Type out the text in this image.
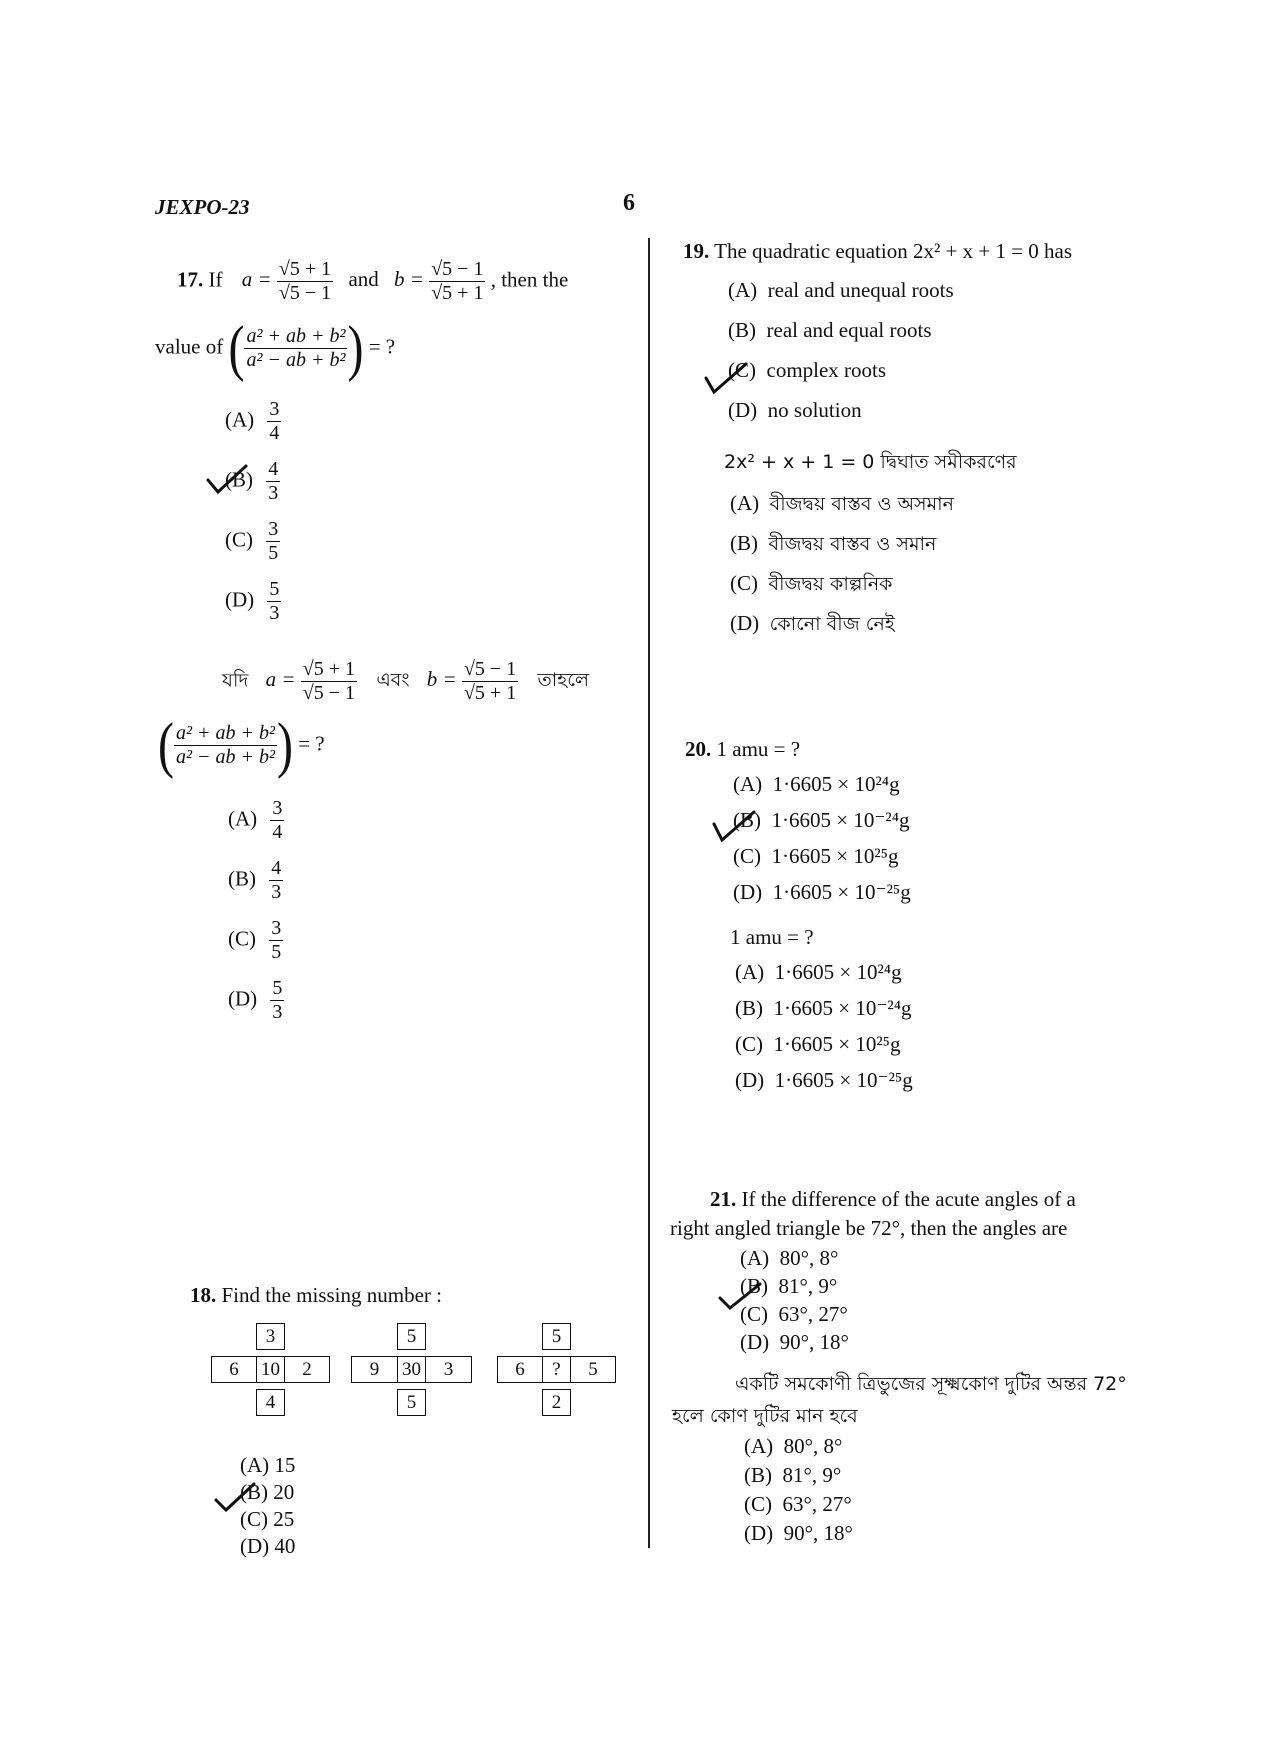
JEXPO-23	6
17. If $a = \frac{√5 + 1}{√5 - 1}$ and $b = \frac{√5 - 1}{√5 + 1}$ , then the
value of ( $\frac{\text{a² + ab + b²}}{\text{a² − ab + b²}}$ ) = ?
$(A) \frac{3}{4}$
$(B) \frac{4}{3}$
$(C) \frac{3}{5}$
$(D) \frac{5}{3}$
যদি $a = \frac{√5 + 1}{√5 - 1}$ এবং $b = \frac{√5 - 1}{√5 + 1}$ তাহলে
( $\frac{\text{a² + ab + b²}}{\text{a² − ab + b²}}$ ) = ?
$(A) \frac{3}{4}$
$(B) \frac{4}{3}$
$(C) \frac{3}{5}$
$(D) \frac{5}{3}$
18. Find the missing number :
3
6	10	2
4
5
9	30	3
5
5
6	?	5
2
(A) 15
(B) 20
(C) 25
(D) 40
19. The quadratic equation 2x² + x + 1 = 0 has
(A) real and unequal roots
(B) real and equal roots
(C) complex roots
(D) no solution
2x² + x + 1 = 0 দ্বিঘাত সমীকরণের
(A) বীজদ্বয় বাস্তব ও অসমান
(B) বীজদ্বয় বাস্তব ও সমান
(C) বীজদ্বয় কাল্পনিক
(D) কোনো বীজ নেই
20. 1 amu = ?
(A) 1·6605 × 10²⁴g
(B) 1·6605 × 10⁻²⁴g
(C) 1·6605 × 10²⁵g
(D) 1·6605 × 10⁻²⁵g
1 amu = ?
(A) 1·6605 × 10²⁴g
(B) 1·6605 × 10⁻²⁴g
(C) 1·6605 × 10²⁵g
(D) 1·6605 × 10⁻²⁵g
21. If the difference of the acute angles of a
right angled triangle be 72°, then the angles are
(A) 80°, 8°
(B) 81°, 9°
(C) 63°, 27°
(D) 90°, 18°
একটি সমকোণী ত্রিভুজের সূক্ষ্মকোণ দুটির অন্তর 72°
হলে কোণ দুটির মান হবে
(A) 80°, 8°
(B) 81°, 9°
(C) 63°, 27°
(D) 90°, 18°
